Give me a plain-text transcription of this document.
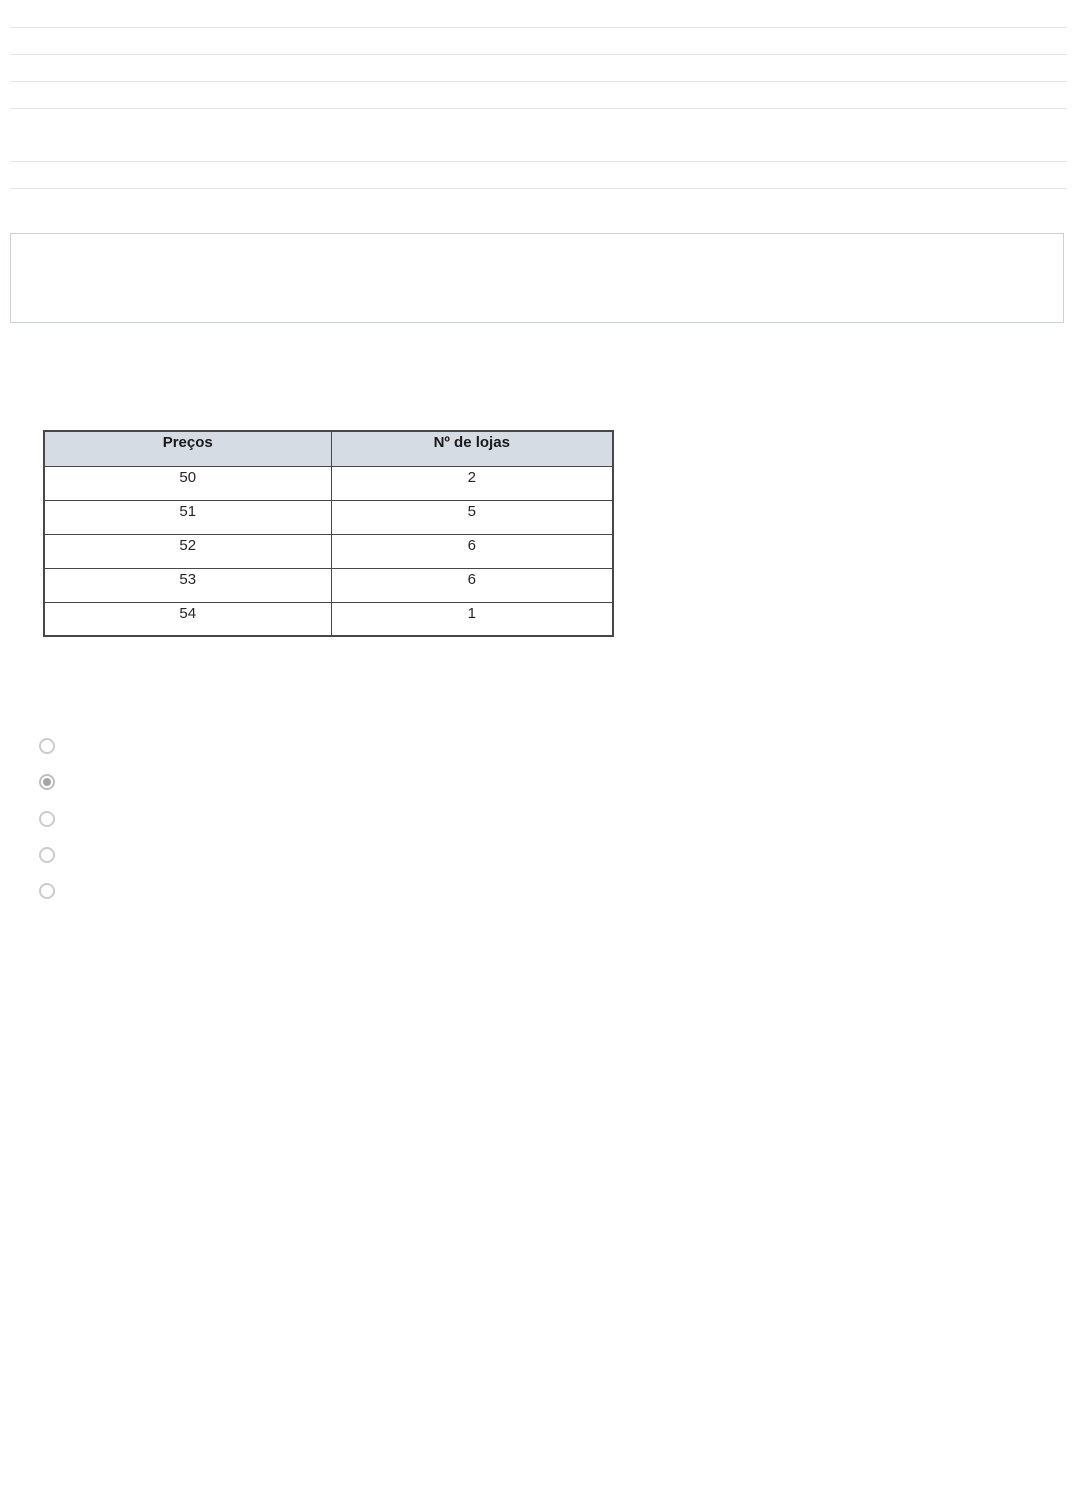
Preços	Nº de lojas
50	2
51	5
52	6
53	6
54	1
